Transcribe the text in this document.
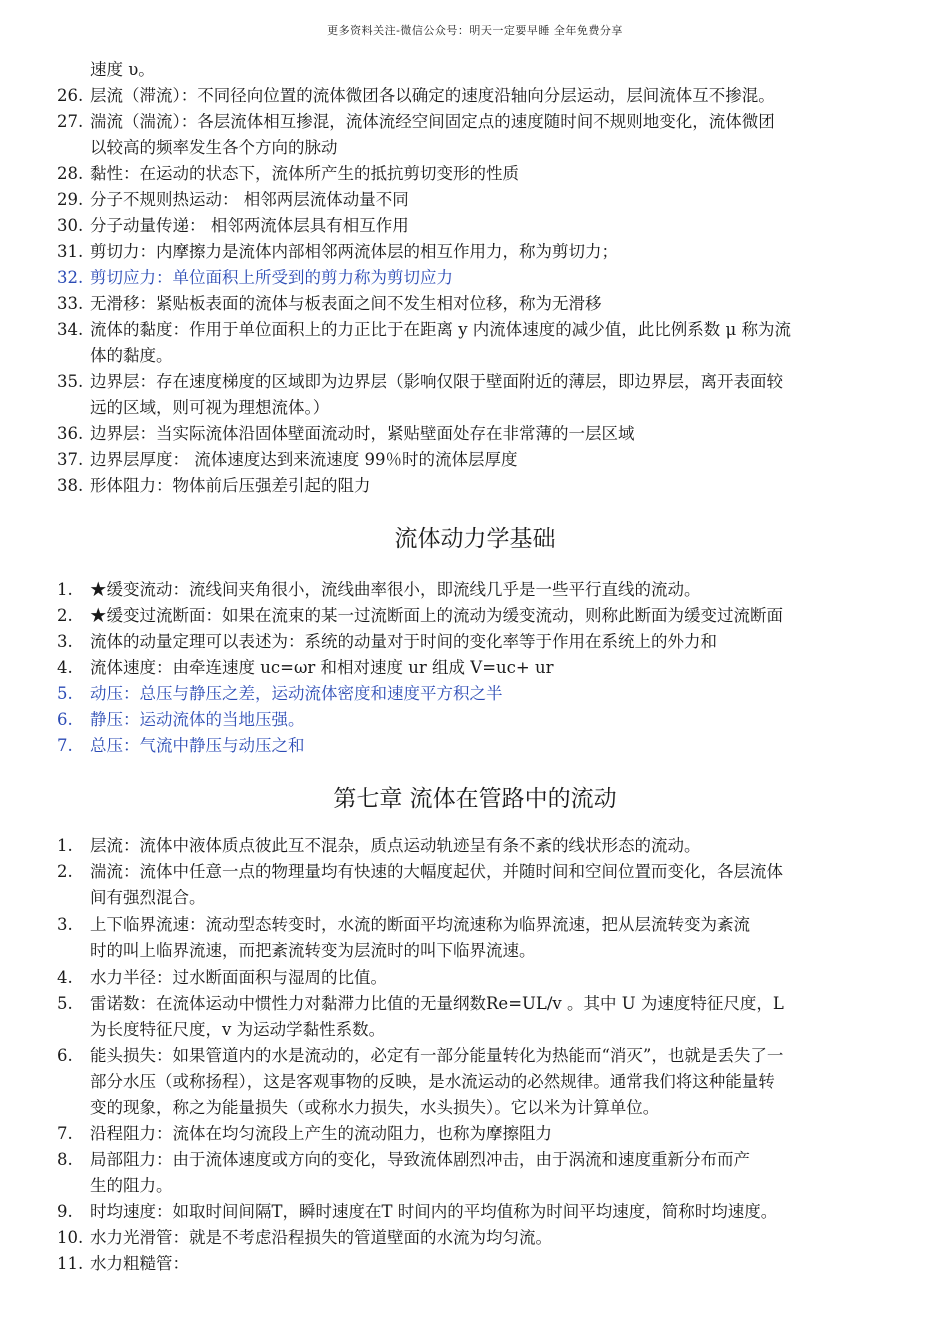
更多资料关注-微信公众号：明天一定要早睡 全年免费分享
速度 υ。
26. 层流（滞流）：不同径向位置的流体微团各以确定的速度沿轴向分层运动，层间流体互不掺混。
27. 湍流（湍流）：各层流体相互掺混，流体流经空间固定点的速度随时间不规则地变化，流体微团
以较高的频率发生各个方向的脉动
28. 黏性：在运动的状态下，流体所产生的抵抗剪切变形的性质
29. 分子不规则热运动： 相邻两层流体动量不同
30. 分子动量传递： 相邻两流体层具有相互作用
31. 剪切力：内摩擦力是流体内部相邻两流体层的相互作用力，称为剪切力；
32. 剪切应力：单位面积上所受到的剪力称为剪切应力
33. 无滑移：紧贴板表面的流体与板表面之间不发生相对位移，称为无滑移
34. 流体的黏度：作用于单位面积上的力正比于在距离 y 内流体速度的减少值，此比例系数 μ 称为流
体的黏度。
35. 边界层：存在速度梯度的区域即为边界层（影响仅限于壁面附近的薄层，即边界层，离开表面较
远的区域，则可视为理想流体。）
36. 边界层：当实际流体沿固体壁面流动时，紧贴壁面处存在非常薄的一层区域
37. 边界层厚度： 流体速度达到来流速度 99％时的流体层厚度
38. 形体阻力：物体前后压强差引起的阻力
流体动力学基础
1. ★缓变流动：流线间夹角很小，流线曲率很小，即流线几乎是一些平行直线的流动。
2. ★缓变过流断面：如果在流束的某一过流断面上的流动为缓变流动，则称此断面为缓变过流断面
3. 流体的动量定理可以表述为：系统的动量对于时间的变化率等于作用在系统上的外力和
4. 流体速度：由牵连速度 uc=ωr 和相对速度 ur 组成 V=uc+ ur
5. 动压：总压与静压之差，运动流体密度和速度平方积之半
6. 静压：运动流体的当地压强。
7. 总压：气流中静压与动压之和
第七章 流体在管路中的流动
1. 层流：流体中液体质点彼此互不混杂，质点运动轨迹呈有条不紊的线状形态的流动。
2. 湍流：流体中任意一点的物理量均有快速的大幅度起伏，并随时间和空间位置而变化，各层流体
间有强烈混合。
3. 上下临界流速：流动型态转变时，水流的断面平均流速称为临界流速，把从层流转变为紊流
时的叫上临界流速，而把紊流转变为层流时的叫下临界流速。
4. 水力半径：过水断面面积与湿周的比值。
5. 雷诺数：在流体运动中惯性力对黏滞力比值的无量纲数Re=UL/v 。其中 U 为速度特征尺度，L
为长度特征尺度，v 为运动学黏性系数。
6. 能头损失：如果管道内的水是流动的，必定有一部分能量转化为热能而“消灭”，也就是丢失了一
部分水压（或称扬程），这是客观事物的反映，是水流运动的必然规律。通常我们将这种能量转
变的现象，称之为能量损失（或称水力损失，水头损失）。它以米为计算单位。
7. 沿程阻力：流体在均匀流段上产生的流动阻力，也称为摩擦阻力
8. 局部阻力：由于流体速度或方向的变化，导致流体剧烈冲击，由于涡流和速度重新分布而产
生的阻力。
9. 时均速度：如取时间间隔T，瞬时速度在T 时间内的平均值称为时间平均速度，简称时均速度。
10. 水力光滑管：就是不考虑沿程损失的管道壁面的水流为均匀流。
11. 水力粗糙管：
